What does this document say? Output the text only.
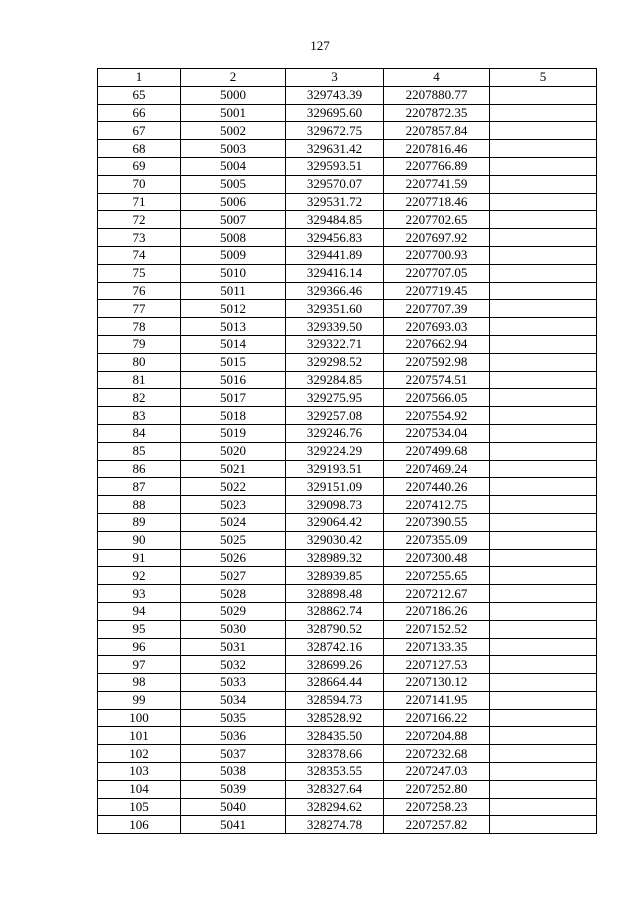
127
1	2	3	4	5
65	5000	329743.39	2207880.77	
66	5001	329695.60	2207872.35	
67	5002	329672.75	2207857.84	
68	5003	329631.42	2207816.46	
69	5004	329593.51	2207766.89	
70	5005	329570.07	2207741.59	
71	5006	329531.72	2207718.46	
72	5007	329484.85	2207702.65	
73	5008	329456.83	2207697.92	
74	5009	329441.89	2207700.93	
75	5010	329416.14	2207707.05	
76	5011	329366.46	2207719.45	
77	5012	329351.60	2207707.39	
78	5013	329339.50	2207693.03	
79	5014	329322.71	2207662.94	
80	5015	329298.52	2207592.98	
81	5016	329284.85	2207574.51	
82	5017	329275.95	2207566.05	
83	5018	329257.08	2207554.92	
84	5019	329246.76	2207534.04	
85	5020	329224.29	2207499.68	
86	5021	329193.51	2207469.24	
87	5022	329151.09	2207440.26	
88	5023	329098.73	2207412.75	
89	5024	329064.42	2207390.55	
90	5025	329030.42	2207355.09	
91	5026	328989.32	2207300.48	
92	5027	328939.85	2207255.65	
93	5028	328898.48	2207212.67	
94	5029	328862.74	2207186.26	
95	5030	328790.52	2207152.52	
96	5031	328742.16	2207133.35	
97	5032	328699.26	2207127.53	
98	5033	328664.44	2207130.12	
99	5034	328594.73	2207141.95	
100	5035	328528.92	2207166.22	
101	5036	328435.50	2207204.88	
102	5037	328378.66	2207232.68	
103	5038	328353.55	2207247.03	
104	5039	328327.64	2207252.80	
105	5040	328294.62	2207258.23	
106	5041	328274.78	2207257.82	
